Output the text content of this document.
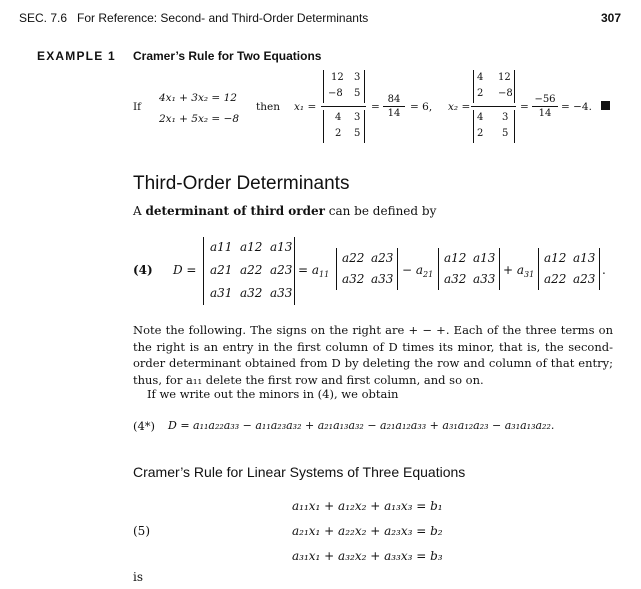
SEC. 7.6 For Reference: Second- and Third-Order Determinants	307
EXAMPLE 1 Cramer’s Rule for Two Equations
If
4x₁ + 3x₂ = 12
2x₁ + 5x₂ = −8
then x₁ =
12 3
−8 5
4 3
2 5
=
84
14
= 6, x₂ =
4 12
2 −8
4 3
2 5
=
−56
14
= −4.
Third-Order Determinants
A determinant of third order can be defined by
(4) D =
a 11 a 12 a 13
a 21 a 22 a 23
a 31 a 32 a 33
= $a_{11}$
a 22 a 23
a 32 a 33
− $a_{21}$
a 12 a 13
a 32 a 33
+ $a_{31}$
a 12 a 13
a 22 a 23
.
Note the following. The signs on the right are + − +. Each of the three terms on the right is an entry in the first column of D times its minor, that is, the second-order determinant obtained from D by deleting the row and column of that entry; thus, for a₁₁ delete the first row and first column, and so on.
If we write out the minors in (4), we obtain
(4*) D = a₁₁a₂₂a₃₃ − a₁₁a₂₃a₃₂ + a₂₁a₁₃a₃₂ − a₂₁a₁₂a₃₃ + a₃₁a₁₂a₂₃ − a₃₁a₁₃a₂₂.
Cramer’s Rule for Linear Systems of Three Equations
a₁₁x₁ + a₁₂x₂ + a₁₃x₃ = b₁
(5)	a₂₁x₁ + a₂₂x₂ + a₂₃x₃ = b₂
a₃₁x₁ + a₃₂x₂ + a₃₃x₃ = b₃
is
